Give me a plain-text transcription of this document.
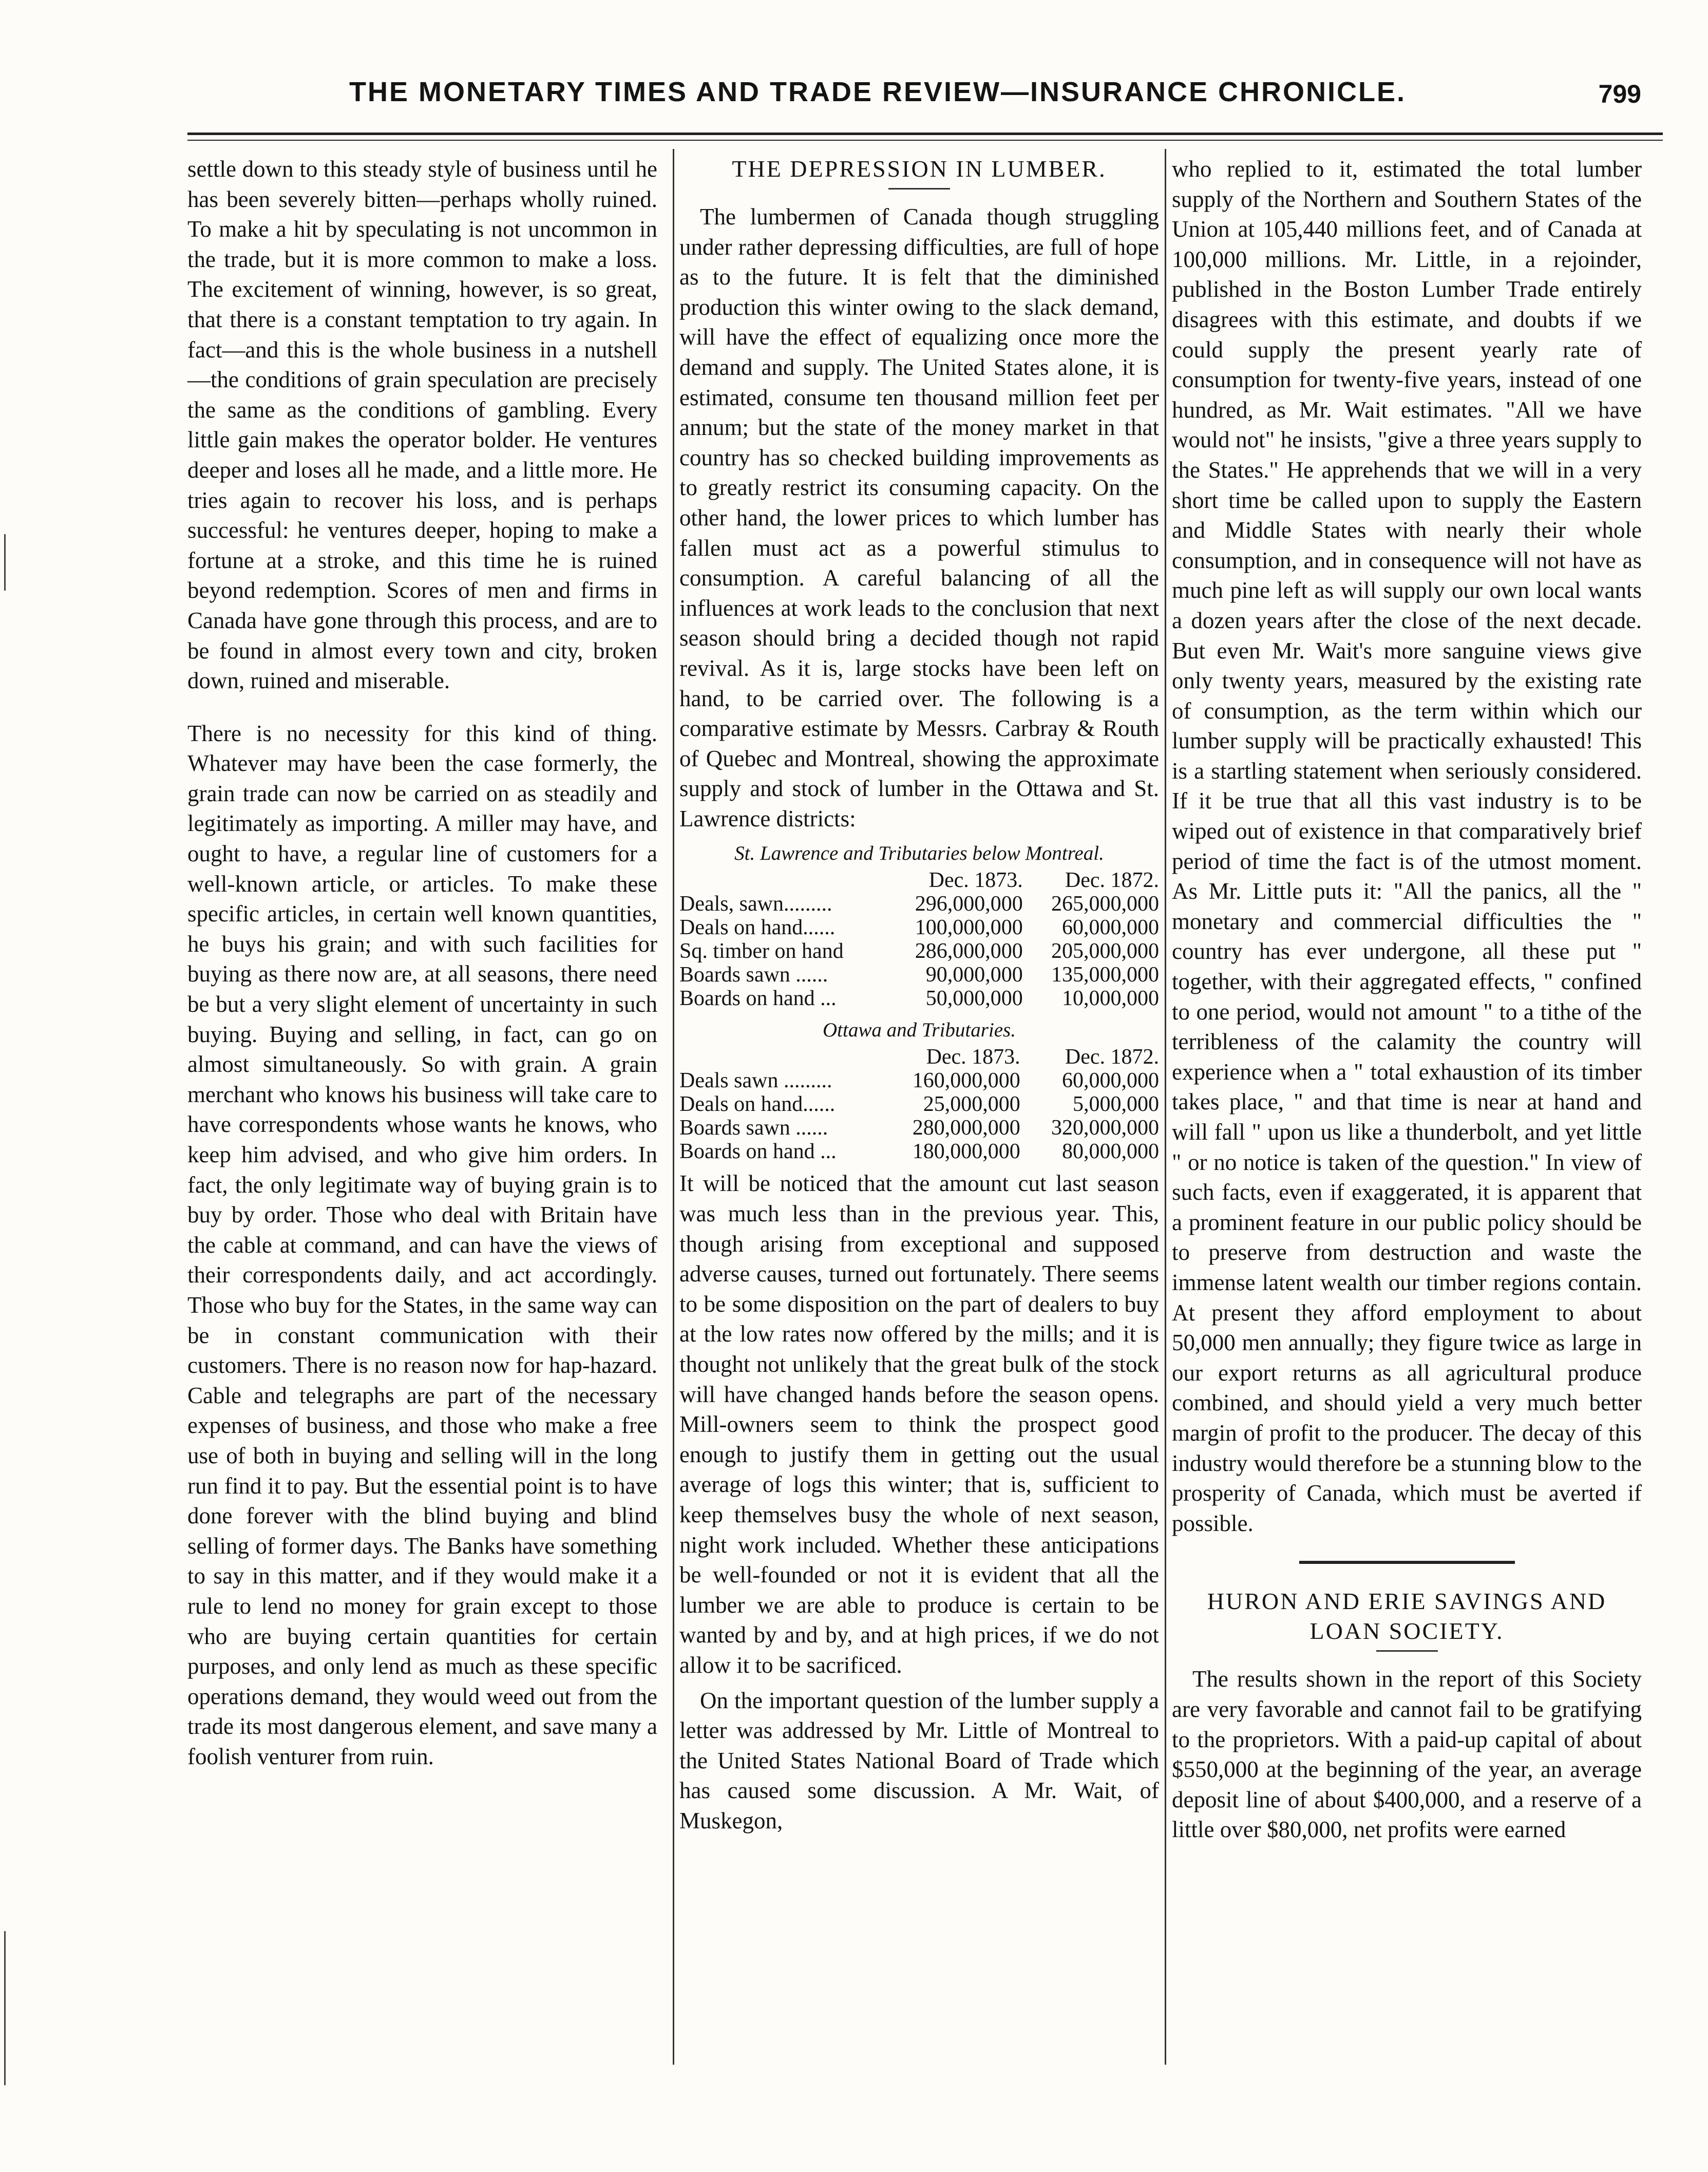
THE MONETARY TIMES AND TRADE REVIEW—INSURANCE CHRONICLE.	799

settle down to this steady style of business until he has been severely bitten—perhaps wholly ruined. To make a hit by speculating is not uncommon in the trade, but it is more common to make a loss. The excitement of winning, however, is so great, that there is a constant temptation to try again. In fact—and this is the whole business in a nutshell—the conditions of grain speculation are precisely the same as the conditions of gambling. Every little gain makes the operator bolder. He ventures deeper and loses all he made, and a little more. He tries again to recover his loss, and is perhaps successful: he ventures deeper, hoping to make a fortune at a stroke, and this time he is ruined beyond redemption. Scores of men and firms in Canada have gone through this process, and are to be found in almost every town and city, broken down, ruined and miserable.

There is no necessity for this kind of thing. Whatever may have been the case formerly, the grain trade can now be carried on as steadily and legitimately as importing. A miller may have, and ought to have, a regular line of customers for a well-known article, or articles. To make these specific articles, in certain well known quantities, he buys his grain; and with such facilities for buying as there now are, at all seasons, there need be but a very slight element of uncertainty in such buying. Buying and selling, in fact, can go on almost simultaneously. So with grain. A grain merchant who knows his business will take care to have correspondents whose wants he knows, who keep him advised, and who give him orders. In fact, the only legitimate way of buying grain is to buy by order. Those who deal with Britain have the cable at command, and can have the views of their correspondents daily, and act accordingly. Those who buy for the States, in the same way can be in constant communication with their customers. There is no reason now for hap-hazard. Cable and telegraphs are part of the necessary expenses of business, and those who make a free use of both in buying and selling will in the long run find it to pay. But the essential point is to have done forever with the blind buying and blind selling of former days. The Banks have something to say in this matter, and if they would make it a rule to lend no money for grain except to those who are buying certain quantities for certain purposes, and only lend as much as these specific operations demand, they would weed out from the trade its most dangerous element, and save many a foolish venturer from ruin.

THE DEPRESSION IN LUMBER.

The lumbermen of Canada though struggling under rather depressing difficulties, are full of hope as to the future. It is felt that the diminished production this winter owing to the slack demand, will have the effect of equalizing once more the demand and supply. The United States alone, it is estimated, consume ten thousand million feet per annum; but the state of the money market in that country has so checked building improvements as to greatly restrict its consuming capacity. On the other hand, the lower prices to which lumber has fallen must act as a powerful stimulus to consumption. A careful balancing of all the influences at work leads to the conclusion that next season should bring a decided though not rapid revival. As it is, large stocks have been left on hand, to be carried over. The following is a comparative estimate by Messrs. Carbray & Routh of Quebec and Montreal, showing the approximate supply and stock of lumber in the Ottawa and St. Lawrence districts:

St. Lawrence and Tributaries below Montreal.
	Dec. 1873.	Dec. 1872.
Deals, sawn.........	296,000,000	265,000,000
Deals on hand......	100,000,000	60,000,000
Sq. timber on hand	286,000,000	205,000,000
Boards sawn ......	90,000,000	135,000,000
Boards on hand ...	50,000,000	10,000,000
Ottawa and Tributaries.
	Dec. 1873.	Dec. 1872.
Deals sawn .........	160,000,000	60,000,000
Deals on hand......	25,000,000	5,000,000
Boards sawn ......	280,000,000	320,000,000
Boards on hand ...	180,000,000	80,000,000

It will be noticed that the amount cut last season was much less than in the previous year. This, though arising from exceptional and supposed adverse causes, turned out fortunately. There seems to be some disposition on the part of dealers to buy at the low rates now offered by the mills; and it is thought not unlikely that the great bulk of the stock will have changed hands before the season opens. Mill-owners seem to think the prospect good enough to justify them in getting out the usual average of logs this winter; that is, sufficient to keep themselves busy the whole of next season, night work included. Whether these anticipations be well-founded or not it is evident that all the lumber we are able to produce is certain to be wanted by and by, and at high prices, if we do not allow it to be sacrificed.

On the important question of the lumber supply a letter was addressed by Mr. Little of Montreal to the United States National Board of Trade which has caused some discussion. A Mr. Wait, of Muskegon,

who replied to it, estimated the total lumber supply of the Northern and Southern States of the Union at 105,440 millions feet, and of Canada at 100,000 millions. Mr. Little, in a rejoinder, published in the Boston Lumber Trade entirely disagrees with this estimate, and doubts if we could supply the present yearly rate of consumption for twenty-five years, instead of one hundred, as Mr. Wait estimates. "All we have would not" he insists, "give a three years supply to the States." He apprehends that we will in a very short time be called upon to supply the Eastern and Middle States with nearly their whole consumption, and in consequence will not have as much pine left as will supply our own local wants a dozen years after the close of the next decade. But even Mr. Wait's more sanguine views give only twenty years, measured by the existing rate of consumption, as the term within which our lumber supply will be practically exhausted! This is a startling statement when seriously considered. If it be true that all this vast industry is to be wiped out of existence in that comparatively brief period of time the fact is of the utmost moment. As Mr. Little puts it: "All the panics, all the " monetary and commercial difficulties the " country has ever undergone, all these put " together, with their aggregated effects, " confined to one period, would not amount " to a tithe of the terribleness of the calamity the country will experience when a " total exhaustion of its timber takes place, " and that time is near at hand and will fall " upon us like a thunderbolt, and yet little " or no notice is taken of the question." In view of such facts, even if exaggerated, it is apparent that a prominent feature in our public policy should be to preserve from destruction and waste the immense latent wealth our timber regions contain. At present they afford employment to about 50,000 men annually; they figure twice as large in our export returns as all agricultural produce combined, and should yield a very much better margin of profit to the producer. The decay of this industry would therefore be a stunning blow to the prosperity of Canada, which must be averted if possible.

HURON AND ERIE SAVINGS AND LOAN SOCIETY.

The results shown in the report of this Society are very favorable and cannot fail to be gratifying to the proprietors. With a paid-up capital of about $550,000 at the beginning of the year, an average deposit line of about $400,000, and a reserve of a little over $80,000, net profits were earned
